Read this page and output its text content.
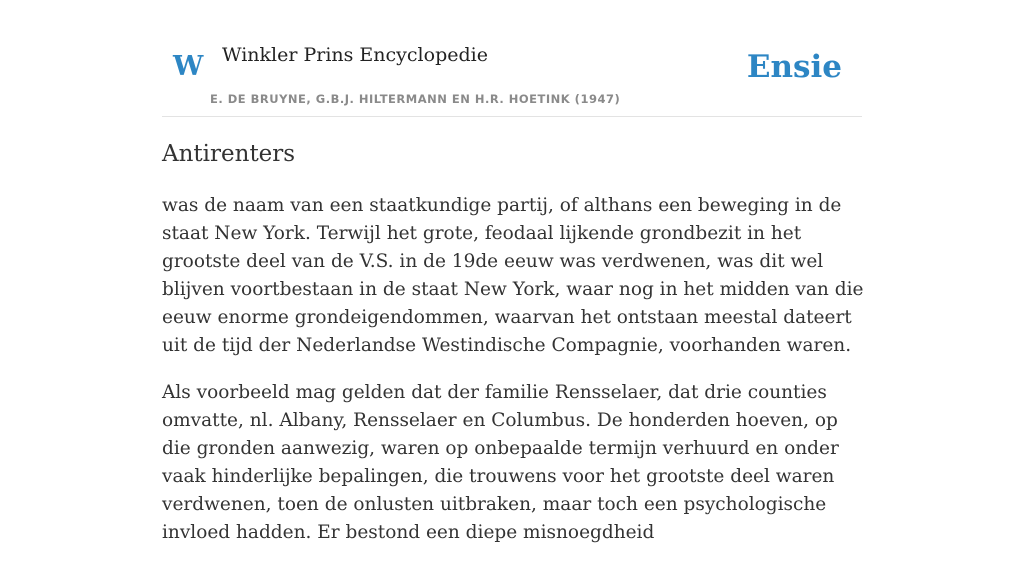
W Winkler Prins Encyclopedie
E. DE BRUYNE, G.B.J. HILTERMANN EN H.R. HOETINK (1947)
Ensie
Antirenters

was de naam van een staatkundige partij, of althans een beweging in de staat New York. Terwijl het grote, feodaal lijkende grondbezit in het grootste deel van de V.S. in de 19de eeuw was verdwenen, was dit wel blijven voortbestaan in de staat New York, waar nog in het midden van die eeuw enorme grondeigendommen, waarvan het ontstaan meestal dateert uit de tijd der Nederlandse Westindische Compagnie, voorhanden waren.

Als voorbeeld mag gelden dat der familie Rensselaer, dat drie counties omvatte, nl. Albany, Rensselaer en Columbus. De honderden hoeven, op die gronden aanwezig, waren op onbepaalde termijn verhuurd en onder vaak hinderlijke bepalingen, die trouwens voor het grootste deel waren verdwenen, toen de onlusten uitbraken, maar toch een psychologische invloed hadden. Er bestond een diepe misnoegdheid
